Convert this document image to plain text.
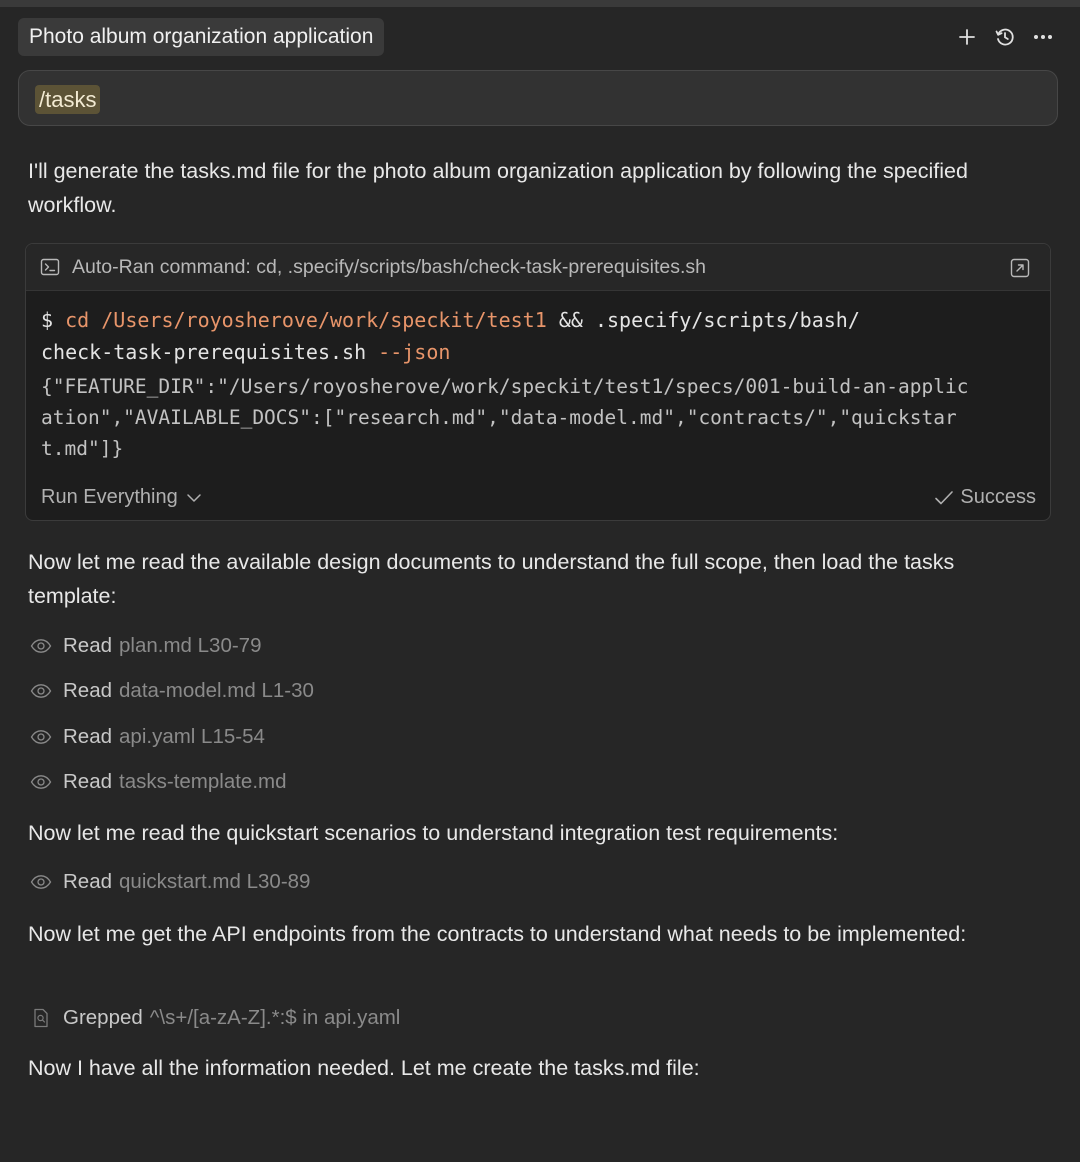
Photo album organization application
/tasks
I'll generate the tasks.md file for the photo album organization application by following the specified workflow.
Auto-Ran command: cd, .specify/scripts/bash/check-task-prerequisites.sh
$ cd /Users/royosherove/work/speckit/test1 && .specify/scripts/bash/
check-task-prerequisites.sh --json
{"FEATURE_DIR":"/Users/royosherove/work/speckit/test1/specs/001-build-an-applic
ation","AVAILABLE_DOCS":["research.md","data-model.md","contracts/","quickstar
t.md"]}
Run Everything	Success
Now let me read the available design documents to understand the full scope, then load the tasks template:
Read plan.md L30-79
Read data-model.md L1-30
Read api.yaml L15-54
Read tasks-template.md
Now let me read the quickstart scenarios to understand integration test requirements:
Read quickstart.md L30-89
Now let me get the API endpoints from the contracts to understand what needs to be implemented:
Grepped ^\s+/[a-zA-Z].*:$ in api.yaml
Now I have all the information needed. Let me create the tasks.md file:
